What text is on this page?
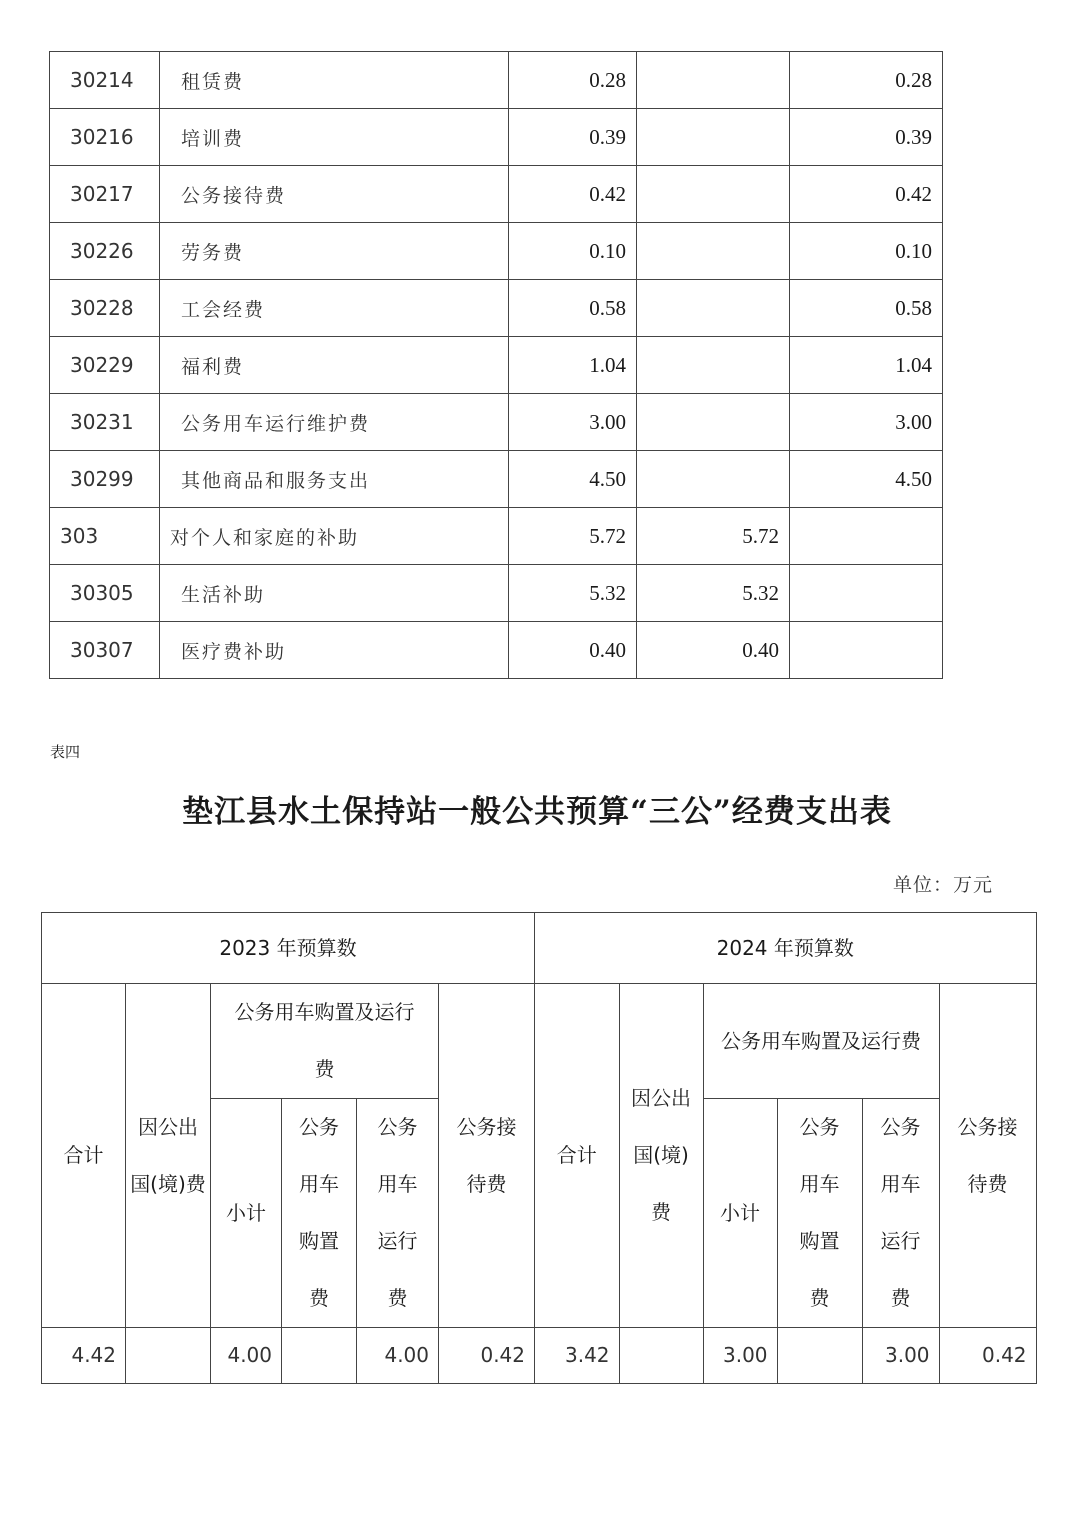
30214	租赁费	0.28		0.28
30216	培训费	0.39		0.39
30217	公务接待费	0.42		0.42
30226	劳务费	0.10		0.10
30228	工会经费	0.58		0.58
30229	福利费	1.04		1.04
30231	公务用车运行维护费	3.00		3.00
30299	其他商品和服务支出	4.50		4.50
303	对个人和家庭的补助	5.72	5.72	
30305	生活补助	5.32	5.32	
30307	医疗费补助	0.40	0.40	
表四
垫江县水土保持站一般公共预算“三公”经费支出表
单位：万元
2023 年预算数						2024 年预算数					
合计	因公出国(境)费	公务用车购置及运行费			公务接待费	合计	因公出国(境)费	公务用车购置及运行费			公务接待费

		小计	公务用车购置费	公务用车运行费				小计	公务用车购置费	公务用车运行费	

4.42		4.00		4.00	0.42	3.42		3.00		3.00	0.42
